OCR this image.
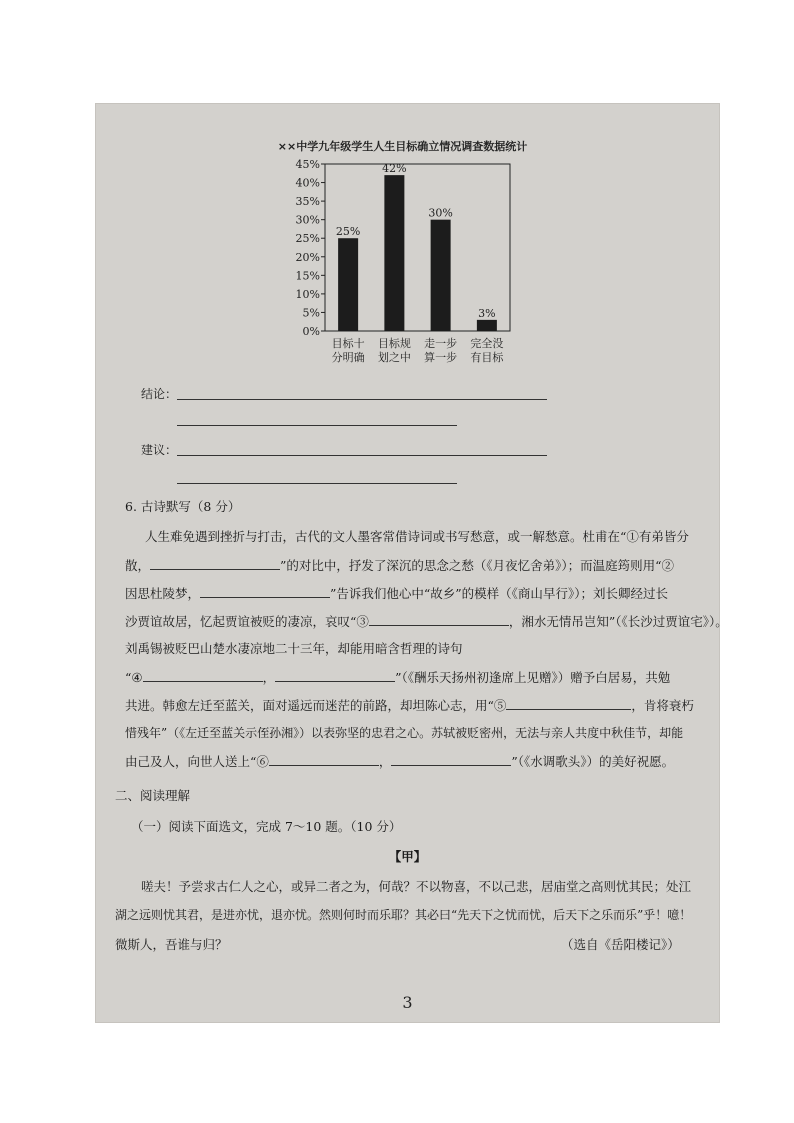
××中学九年级学生人生目标确立情况调查数据统计
0%
5%
10%
15%
20%
25%
30%
35%
40%
45%
25%
目标十
分明确
42%
目标规
划之中
30%
走一步
算一步
3%
完全没
有目标
结论：
建议：
6. 古诗默写（8 分）
人生难免遇到挫折与打击，古代的文人墨客常借诗词或书写愁意，或一解愁意。杜甫在“①有弟皆分
散，	”的对比中，抒发了深沉的思念之愁（《月夜忆舍弟》）；而温庭筠则用“②
因思杜陵梦，	”告诉我们他心中“故乡”的模样（《商山早行》）；刘长卿经过长
沙贾谊故居，忆起贾谊被贬的凄凉，哀叹“③	，湘水无情吊岂知”（《长沙过贾谊宅》）。
刘禹锡被贬巴山楚水凄凉地二十三年，却能用暗含哲理的诗句
“④	，	”（《酬乐天扬州初逢席上见赠》）赠予白居易，共勉
共进。韩愈左迁至蓝关，面对遥远而迷茫的前路，却坦陈心志，用“⑤	，肯将衰朽
惜残年”（《左迁至蓝关示侄孙湘》）以表弥坚的忠君之心。苏轼被贬密州，无法与亲人共度中秋佳节，却能
由己及人，向世人送上“⑥	，	”（《水调歌头》）的美好祝愿。
二、阅读理解
（一）阅读下面选文，完成 7～10 题。（10 分）
【甲】
嗟夫！予尝求古仁人之心，或异二者之为，何哉？不以物喜，不以己悲，居庙堂之高则忧其民；处江
湖之远则忧其君，是进亦忧，退亦忧。然则何时而乐耶？其必曰“先天下之忧而忧，后天下之乐而乐”乎！噫！
微斯人，吾谁与归？	（选自《岳阳楼记》）
3
